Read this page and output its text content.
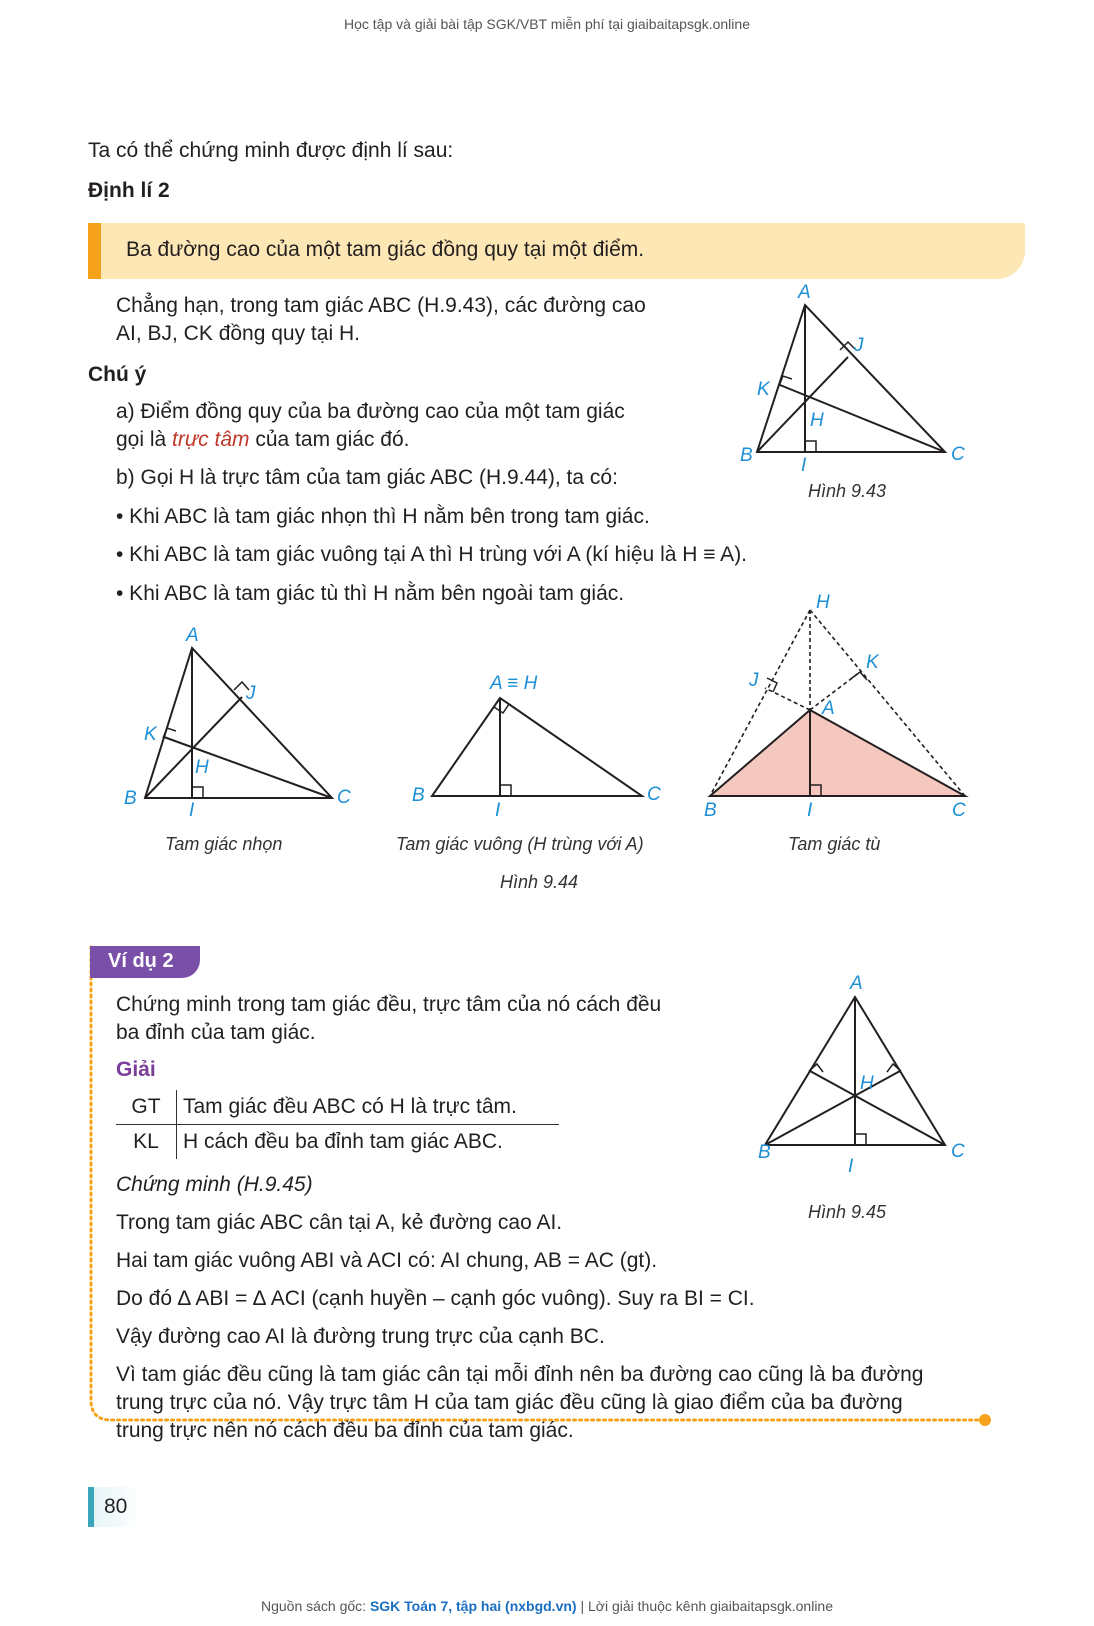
Học tập và giải bài tập SGK/VBT miễn phí tại giaibaitapsgk.online
Ta có thể chứng minh được định lí sau:
Định lí 2
Ba đường cao của một tam giác đồng quy tại một điểm.
Chẳng hạn, trong tam giác ABC (H.9.43), các đường cao
AI, BJ, CK đồng quy tại H.
Chú ý
a) Điểm đồng quy của ba đường cao của một tam giác
gọi là trực tâm của tam giác đó.
b) Gọi H là trực tâm của tam giác ABC (H.9.44), ta có:
• Khi ABC là tam giác nhọn thì H nằm bên trong tam giác.
• Khi ABC là tam giác vuông tại A thì H trùng với A (kí hiệu là H ≡ A).
• Khi ABC là tam giác tù thì H nằm bên ngoài tam giác.
A
J
K
H
B	C
I
Hình 9.43
A
J
K
H
B	C
I
Tam giác nhọn
A ≡ H
B	C
I
Tam giác vuông (H trùng với A)
H
K
J
A
B	C
I
Tam giác tù
Hình 9.44
Ví dụ 2
Chứng minh trong tam giác đều, trực tâm của nó cách đều
ba đỉnh của tam giác.
Giải
GT	Tam giác đều ABC có H là trực tâm.
KL	H cách đều ba đỉnh tam giác ABC.
Chứng minh (H.9.45)
Trong tam giác ABC cân tại A, kẻ đường cao AI.
Hai tam giác vuông ABI và ACI có: AI chung, AB = AC (gt).
Do đó ∆ ABI = ∆ ACI (cạnh huyền – cạnh góc vuông). Suy ra BI = CI.
Vậy đường cao AI là đường trung trực của cạnh BC.
Vì tam giác đều cũng là tam giác cân tại mỗi đỉnh nên ba đường cao cũng là ba đường
trung trực của nó. Vậy trực tâm H của tam giác đều cũng là giao điểm của ba đường
trung trực nên nó cách đều ba đỉnh của tam giác.
A
H
B	C
I
Hình 9.45
80
Nguồn sách gốc: SGK Toán 7, tập hai (nxbgd.vn) | Lời giải thuộc kênh giaibaitapsgk.online
